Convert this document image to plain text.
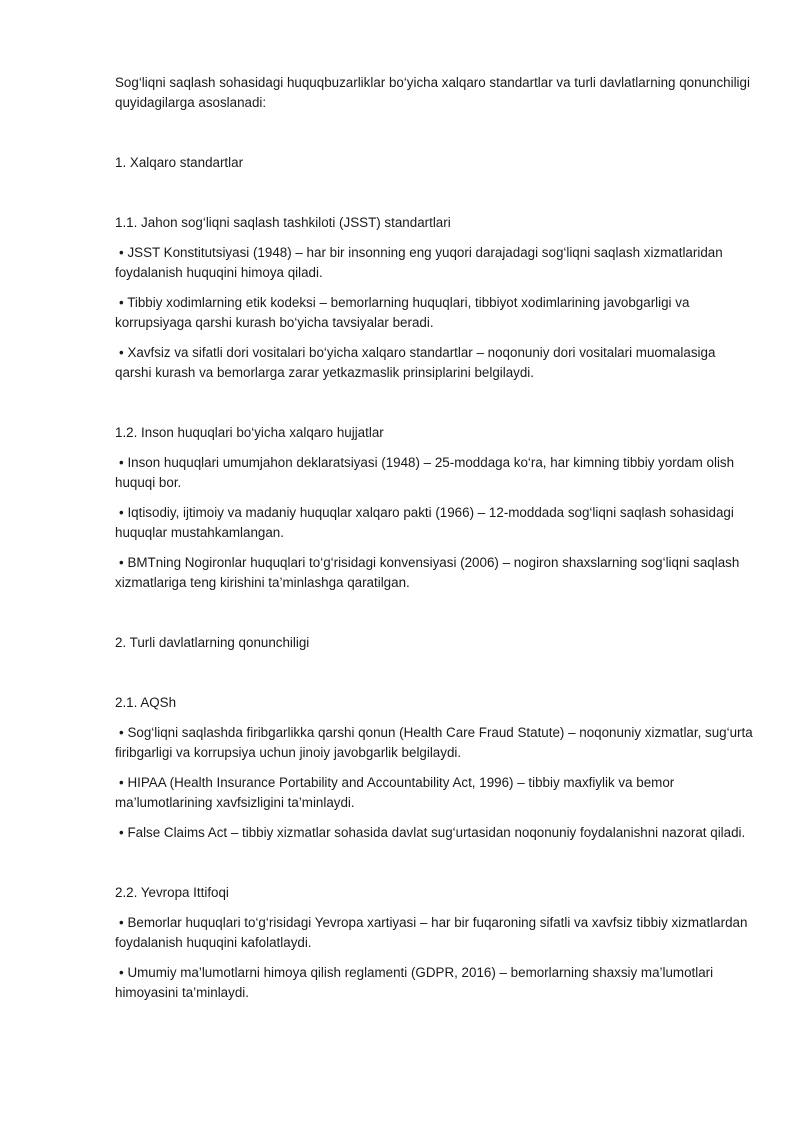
Sog‘liqni saqlash sohasidagi huquqbuzarliklar bo‘yicha xalqaro standartlar va turli davlatlarning qonunchiligi quyidagilarga asoslanadi:

1. Xalqaro standartlar

1.1. Jahon sog‘liqni saqlash tashkiloti (JSST) standartlari

• JSST Konstitutsiyasi (1948) – har bir insonning eng yuqori darajadagi sog‘liqni saqlash xizmatlaridan foydalanish huquqini himoya qiladi.
• Tibbiy xodimlarning etik kodeksi – bemorlarning huquqlari, tibbiyot xodimlarining javobgarligi va korrupsiyaga qarshi kurash bo‘yicha tavsiyalar beradi.
• Xavfsiz va sifatli dori vositalari bo‘yicha xalqaro standartlar – noqonuniy dori vositalari muomalasiga qarshi kurash va bemorlarga zarar yetkazmaslik prinsiplarini belgilaydi.

1.2. Inson huquqlari bo‘yicha xalqaro hujjatlar

• Inson huquqlari umumjahon deklaratsiyasi (1948) – 25-moddaga ko‘ra, har kimning tibbiy yordam olish huquqi bor.
• Iqtisodiy, ijtimoiy va madaniy huquqlar xalqaro pakti (1966) – 12-moddada sog‘liqni saqlash sohasidagi huquqlar mustahkamlangan.
• BMTning Nogironlar huquqlari to‘g‘risidagi konvensiyasi (2006) – nogiron shaxslarning sog‘liqni saqlash xizmatlariga teng kirishini ta’minlashga qaratilgan.

2. Turli davlatlarning qonunchiligi

2.1. AQSh

• Sog‘liqni saqlashda firibgarlikka qarshi qonun (Health Care Fraud Statute) – noqonuniy xizmatlar, sug‘urta firibgarligi va korrupsiya uchun jinoiy javobgarlik belgilaydi.
• HIPAA (Health Insurance Portability and Accountability Act, 1996) – tibbiy maxfiylik va bemor ma’lumotlarining xavfsizligini ta’minlaydi.
• False Claims Act – tibbiy xizmatlar sohasida davlat sug‘urtasidan noqonuniy foydalanishni nazorat qiladi.

2.2. Yevropa Ittifoqi

• Bemorlar huquqlari to‘g‘risidagi Yevropa xartiyasi – har bir fuqaroning sifatli va xavfsiz tibbiy xizmatlardan foydalanish huquqini kafolatlaydi.
• Umumiy ma’lumotlarni himoya qilish reglamenti (GDPR, 2016) – bemorlarning shaxsiy ma’lumotlari himoyasini ta’minlaydi.
